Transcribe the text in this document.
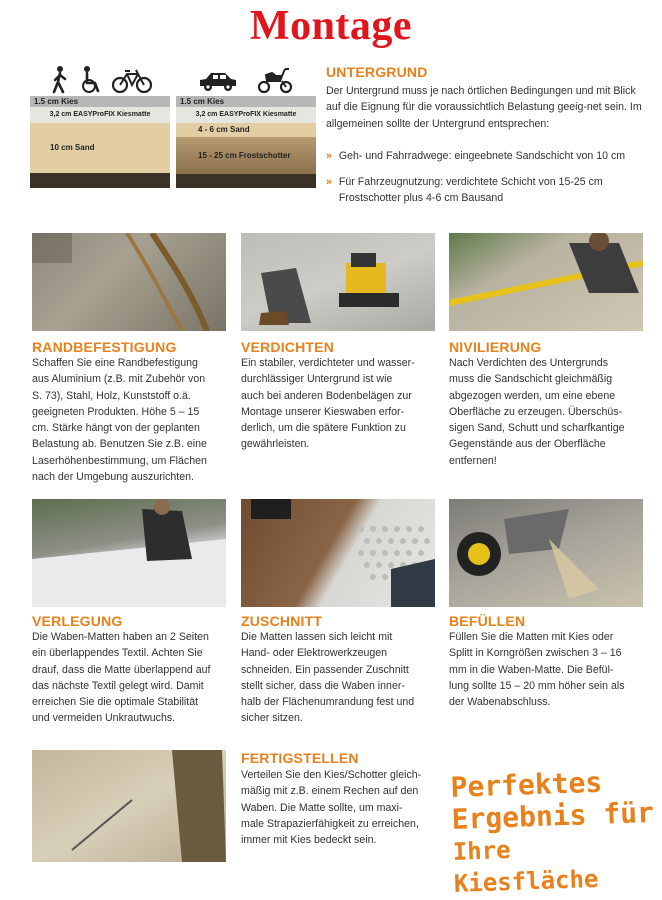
Montage
1.5 cm Kies
3,2 cm EASYProFIX Kiesmatte
10 cm Sand
1.5 cm Kies
3,2 cm EASYProFIX Kiesmatte
4 - 6 cm Sand
15 - 25 cm Frostschotter
UNTERGRUND
Der Untergrund muss je nach örtlichen Bedingungen und mit Blick auf die Eignung für die voraussichtlich Belastung geeig-net sein. Im allgemeinen sollte der Untergrund entsprechen:
» Geh- und Fahrradwege: eingeebnete Sandschicht von 10 cm
» Für Fahrzeugnutzung: verdichtete Schicht von 15-25 cm Frostschotter plus 4-6 cm Bausand
RANDBEFESTIGUNG
Schaffen Sie eine Randbefestigung
aus Aluminium (z.B. mit Zubehör von
S. 73), Stahl, Holz, Kunststoff o.ä.
geeigneten Produkten. Höhe 5 – 15
cm. Stärke hängt von der geplanten
Belastung ab. Benutzen Sie z.B. eine
Laserhöhenbestimmung, um Flächen
nach der Umgebung auszurichten.
VERDICHTEN
Ein stabiler, verdichteter und wasser-
durchlässiger Untergrund ist wie
auch bei anderen Bodenbelägen zur
Montage unserer Kieswaben erfor-
derlich, um die spätere Funktion zu
gewährleisten.
NIVILIERUNG
Nach Verdichten des Untergrunds
muss die Sandschicht gleichmäßig
abgezogen werden, um eine ebene
Oberfläche zu erzeugen. Überschüs-
sigen Sand, Schutt und scharfkantige
Gegenstände aus der Oberfläche
entfernen!
VERLEGUNG
Die Waben-Matten haben an 2 Seiten
ein überlappendes Textil. Achten Sie
drauf, dass die Matte überlappend auf
das nächste Textil gelegt wird. Damit
erreichen Sie die optimale Stabilität
und vermeiden Unkrautwuchs.
ZUSCHNITT
Die Matten lassen sich leicht mit
Hand- oder Elektrowerkzeugen
schneiden. Ein passender Zuschnitt
stellt sicher, dass die Waben inner-
halb der Flächenumrandung fest und
sicher sitzen.
BEFÜLLEN
Füllen Sie die Matten mit Kies oder
Splitt in Korngrößen zwischen 3 – 16
mm in die Waben-Matte. Die Befül-
lung sollte 15 – 20 mm höher sein als
der Wabenabschluss.
FERTIGSTELLEN
Verteilen Sie den Kies/Schotter gleich-
mäßig mit z.B. einem Rechen auf den
Waben. Die Matte sollte, um maxi-
male Strapazierfähigkeit zu erreichen,
immer mit Kies bedeckt sein.
Perfektes
Ergebnis für
Ihre Kiesfläche
